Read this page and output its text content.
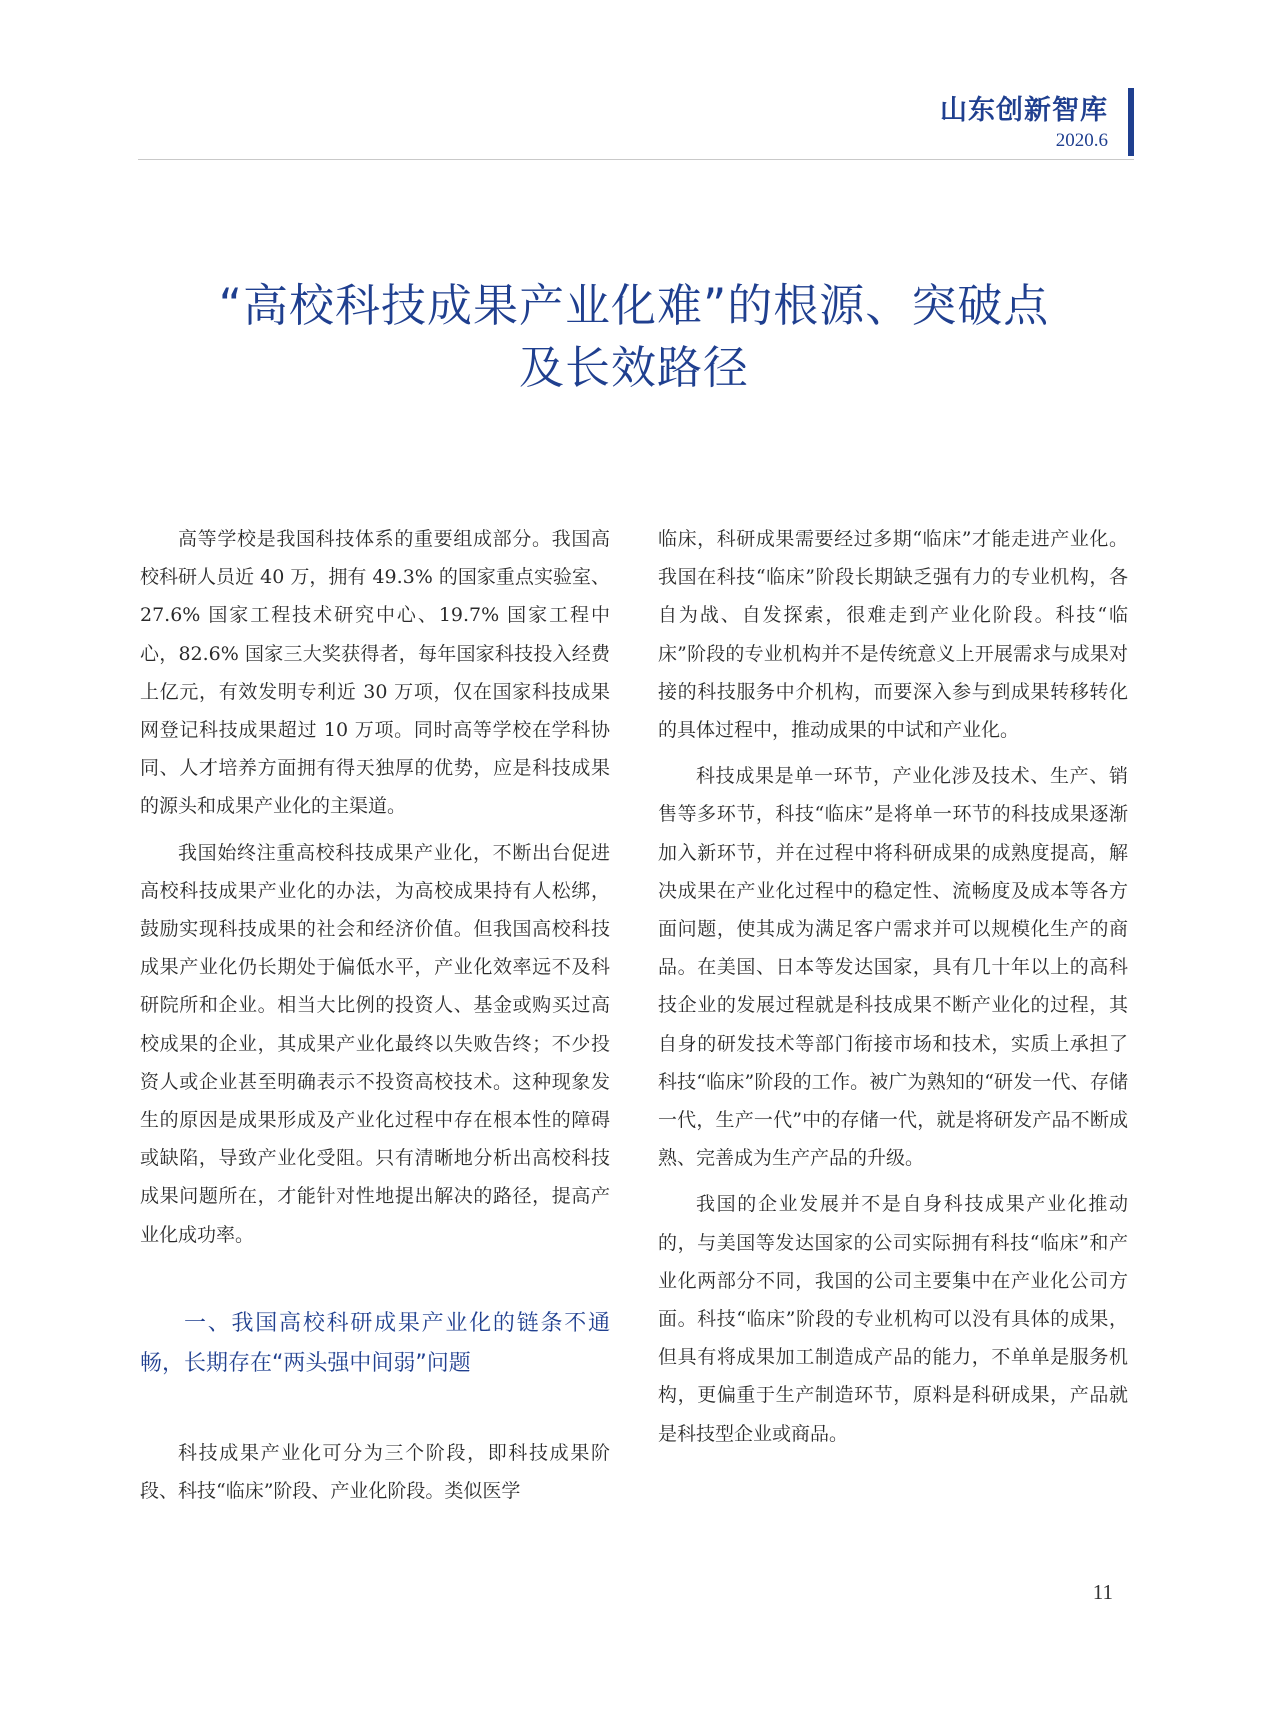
山东创新智库
2020.6
“高校科技成果产业化难”的根源、突破点
及长效路径

高等学校是我国科技体系的重要组成部分。我国高校科研人员近 40 万，拥有 49.3% 的国家重点实验室、27.6% 国家工程技术研究中心、19.7% 国家工程中心，82.6% 国家三大奖获得者，每年国家科技投入经费上亿元，有效发明专利近 30 万项，仅在国家科技成果网登记科技成果超过 10 万项。同时高等学校在学科协同、人才培养方面拥有得天独厚的优势，应是科技成果的源头和成果产业化的主渠道。

我国始终注重高校科技成果产业化，不断出台促进高校科技成果产业化的办法，为高校成果持有人松绑，鼓励实现科技成果的社会和经济价值。但我国高校科技成果产业化仍长期处于偏低水平，产业化效率远不及科研院所和企业。相当大比例的投资人、基金或购买过高校成果的企业，其成果产业化最终以失败告终；不少投资人或企业甚至明确表示不投资高校技术。这种现象发生的原因是成果形成及产业化过程中存在根本性的障碍或缺陷，导致产业化受阻。只有清晰地分析出高校科技成果问题所在，才能针对性地提出解决的路径，提高产业化成功率。

一、我国高校科研成果产业化的链条不通畅，长期存在“两头强中间弱”问题

科技成果产业化可分为三个阶段，即科技成果阶段、科技“临床”阶段、产业化阶段。类似医学

临床，科研成果需要经过多期“临床”才能走进产业化。我国在科技“临床”阶段长期缺乏强有力的专业机构，各自为战、自发探索，很难走到产业化阶段。科技“临床”阶段的专业机构并不是传统意义上开展需求与成果对接的科技服务中介机构，而要深入参与到成果转移转化的具体过程中，推动成果的中试和产业化。

科技成果是单一环节，产业化涉及技术、生产、销售等多环节，科技“临床”是将单一环节的科技成果逐渐加入新环节，并在过程中将科研成果的成熟度提高，解决成果在产业化过程中的稳定性、流畅度及成本等各方面问题，使其成为满足客户需求并可以规模化生产的商品。在美国、日本等发达国家，具有几十年以上的高科技企业的发展过程就是科技成果不断产业化的过程，其自身的研发技术等部门衔接市场和技术，实质上承担了科技“临床”阶段的工作。被广为熟知的“研发一代、存储一代，生产一代”中的存储一代，就是将研发产品不断成熟、完善成为生产产品的升级。

我国的企业发展并不是自身科技成果产业化推动的，与美国等发达国家的公司实际拥有科技“临床”和产业化两部分不同，我国的公司主要集中在产业化公司方面。科技“临床”阶段的专业机构可以没有具体的成果，但具有将成果加工制造成产品的能力，不单单是服务机构，更偏重于生产制造环节，原料是科研成果，产品就是科技型企业或商品。

11
